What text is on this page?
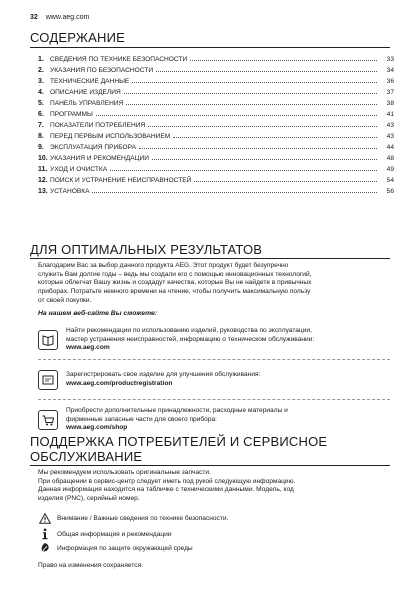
32 www.aeg.com
СОДЕРЖАНИЕ
1. СВЕДЕНИЯ ПО ТЕХНИКЕ БЕЗОПАСНОСТИ	33
2. УКАЗАНИЯ ПО БЕЗОПАСНОСТИ	34
3. ТЕХНИЧЕСКИЕ ДАННЫЕ	36
4. ОПИСАНИЕ ИЗДЕЛИЯ	37
5. ПАНЕЛЬ УПРАВЛЕНИЯ	38
6. ПРОГРАММЫ	41
7. ПОКАЗАТЕЛИ ПОТРЕБЛЕНИЯ	43
8. ПЕРЕД ПЕРВЫМ ИСПОЛЬЗОВАНИЕМ	43
9. ЭКСПЛУАТАЦИЯ ПРИБОРА	44
10. УКАЗАНИЯ И РЕКОМЕНДАЦИИ	48
11. УХОД И ОЧИСТКА	49
12. ПОИСК И УСТРАНЕНИЕ НЕИСПРАВНОСТЕЙ	54
13. УСТАНОВКА	56
ДЛЯ ОПТИМАЛЬНЫХ РЕЗУЛЬТАТОВ
Благодарим Вас за выбор данного продукта AEG. Этот продукт будет безупречно
служить Вам долгие годы – ведь мы создали его с помощью инновационных технологий,
которые облегчат Вашу жизнь и создадут качества, которые Вы не найдете в привычных
приборах. Потратьте немного времени на чтение, чтобы получить максимальную пользу
от своей покупки.
На нашем веб-сайте Вы сможете:
Найти рекомендации по использованию изделий, руководства по эксплуатации,
мастер устранения неисправностей, информацию о техническом обслуживании:
www.aeg.com
Зарегистрировать свое изделие для улучшения обслуживания:
www.aeg.com/productregistration
Приобрести дополнительные принадлежности, расходные материалы и
фирменные запасные части для своего прибора:
www.aeg.com/shop
ПОДДЕРЖКА ПОТРЕБИТЕЛЕЙ И СЕРВИСНОЕ
ОБСЛУЖИВАНИЕ
Мы рекомендуем использовать оригинальные запчасти.
При обращении в сервис-центр следует иметь под рукой следующую информацию.
Данная информация находится на табличке с техническими данными. Модель, код
изделия (PNC), серийный номер.
Внимание / Важные сведения по технике безопасности.
Общая информация и рекомендации
Информация по защите окружающей среды
Право на изменения сохраняется.
